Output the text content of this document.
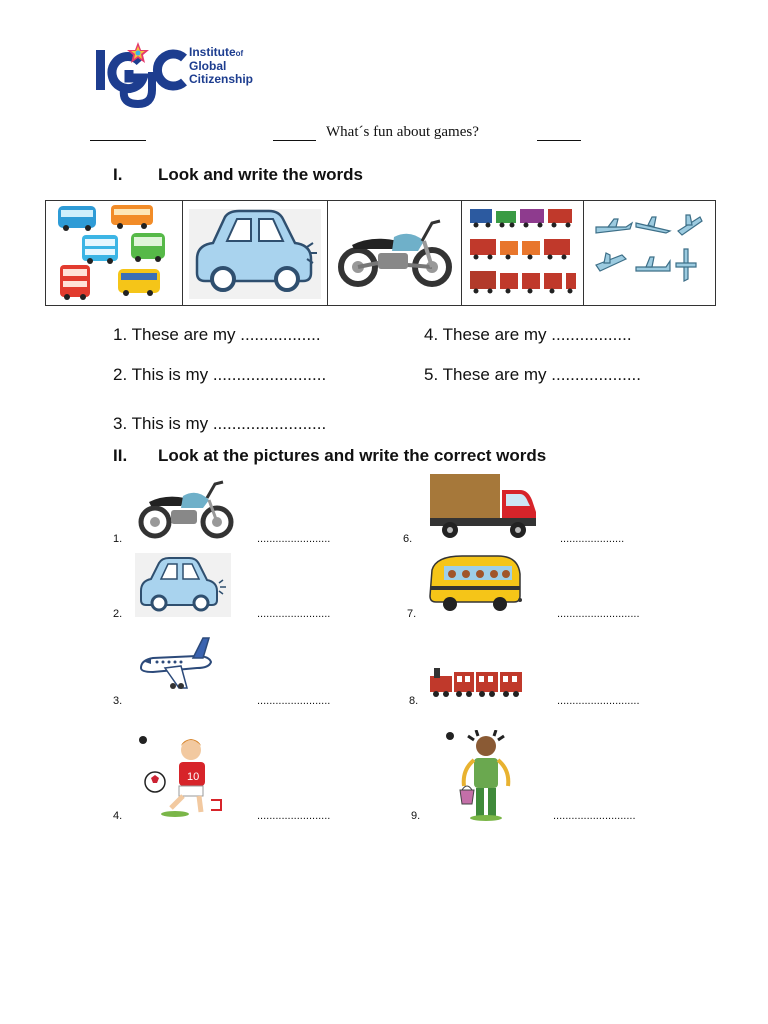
Instituteof
Global
Citizenship
What´s fun about games?
I. Look and write the words
1. These are my .................
2. This is my ........................
3. This is my ........................
4. These are my .................
5. These are my ...................
II. Look at the pictures and write the correct words
1.	........................
2.	........................
3.	........................
10
4.	........................
6.	.....................
7.	...........................
8.	...........................
9.	...........................
